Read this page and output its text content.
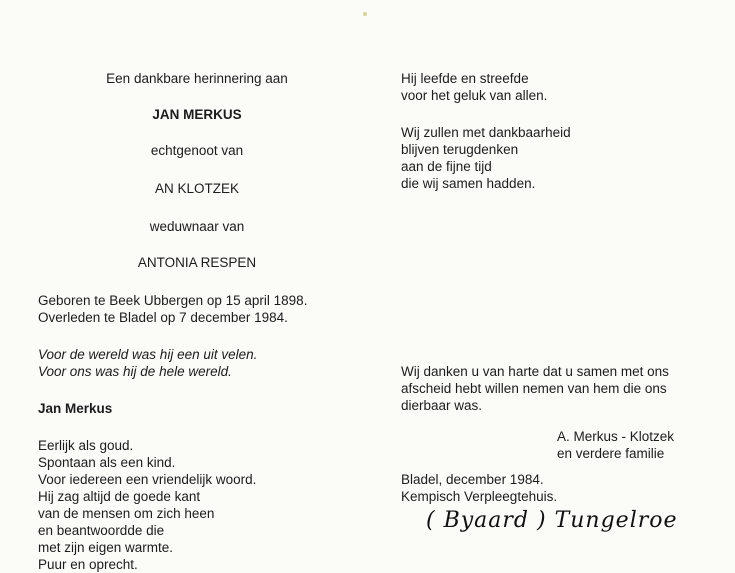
Een dankbare herinnering aan

JAN MERKUS

echtgenoot van

AN KLOTZEK

weduwnaar van

ANTONIA RESPEN

Geboren te Beek Ubbergen op 15 april 1898.

Overleden te Bladel op 7 december 1984.

Voor de wereld was hij een uit velen.

Voor ons was hij de hele wereld.

Jan Merkus

Eerlijk als goud.

Spontaan als een kind.

Voor iedereen een vriendelijk woord.

Hij zag altijd de goede kant

van de mensen om zich heen

en beantwoordde die

met zijn eigen warmte.

Puur en oprecht.

Hij leefde en streefde

voor het geluk van allen.

Wij zullen met dankbaarheid

blijven terugdenken

aan de fijne tijd

die wij samen hadden.

Wij danken u van harte dat u samen met ons

afscheid hebt willen nemen van hem die ons

dierbaar was.

A. Merkus - Klotzek

en verdere familie

Bladel, december 1984.

Kempisch Verpleegtehuis.

( Byaard ) Tungelroe
